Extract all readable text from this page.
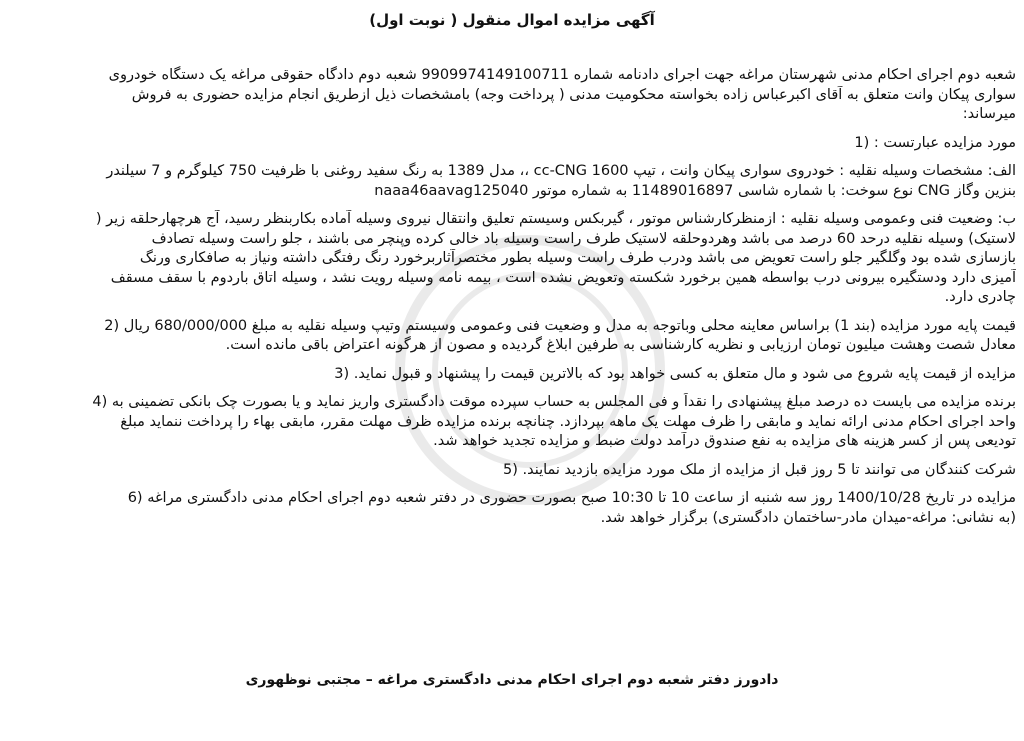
آگهی مزایده اموال منقول ( نوبت اول)
شعبه دوم اجرای احکام مدنی شهرستان مراغه جهت اجرای دادنامه شماره 9909974149100711 شعبه دوم دادگاه حقوقی مراغه یک دستگاه خودروی
سواری پیکان وانت متعلق به آقای اکبرعباس زاده بخواسته محکومیت مدنی ( پرداخت وجه) بامشخصات ذیل ازطریق انجام مزایده حضوری به فروش
میرساند:
مورد مزایده عبارتست : (1
الف: مشخصات وسیله نقلیه : خودروی سواری پیکان وانت ، تیپ 1600 cc-CNG ،، مدل 1389 به رنگ سفید روغنی با ظرفیت 750 کیلوگرم و 7 سیلندر
بنزین وگاز CNG نوع سوخت: با شماره شاسی 11489016897 به شماره موتور naaa46aavag125040
ب: وضعیت فنی وعمومی وسیله نقلیه : ازمنظرکارشناس موتور ، گیربکس وسیستم تعلیق وانتقال نیروی وسیله آماده بکاربنظر رسید، آج هرچهارحلقه زیر (
لاستیک) وسیله نقلیه درحد 60 درصد می باشد وهردوحلقه لاستیک طرف راست وسیله باد خالی کرده وپنچر می باشند ، جلو راست وسیله تصادف
بازسازی شده بود وگلگیر جلو راست تعویض می باشد ودرب طرف راست وسیله بطور مختصرآثاربرخورد رنگ رفتگی داشته ونیاز به صافکاری ورنگ
آمیزی دارد ودستگیره بیرونی درب بواسطه همین برخورد شکسته وتعویض نشده است ، بیمه نامه وسیله رویت نشد ، وسیله اتاق باردوم با سقف مسقف
چادری دارد.
قیمت پایه مورد مزایده (بند 1) براساس معاینه محلی وباتوجه به مدل و وضعیت فنی وعمومی وسیستم وتیپ وسیله نقلیه به مبلغ 680/000/000 ریال (2
معادل شصت وهشت میلیون تومان ارزیابی و نظریه کارشناسی به طرفین ابلاغ گردیده و مصون از هرگونه اعتراض باقی مانده است.
مزایده از قیمت پایه شروع می شود و مال متعلق به کسی خواهد بود که بالاترین قیمت را پیشنهاد و قبول نماید. (3
برنده مزایده می بایست ده درصد مبلغ پیشنهادی را نقداً و فی المجلس به حساب سپرده موقت دادگستری واریز نماید و یا بصورت چک بانکی تضمینی به (4
واحد اجرای احکام مدنی ارائه نماید و مابقی را ظرف مهلت یک ماهه بپردازد. چنانچه برنده مزایده ظرف مهلت مقرر، مابقی بهاء را پرداخت ننماید مبلغ
تودیعی پس از کسر هزینه های مزایده به نفع صندوق درآمد دولت ضبط و مزایده تجدید خواهد شد.
شرکت کنندگان می توانند تا 5 روز قبل از مزایده از ملک مورد مزایده بازدید نمایند. (5
مزایده در تاریخ 1400/10/28 روز سه شنبه از ساعت 10 تا 10:30 صبح بصورت حضوری در دفتر شعبه دوم اجرای احکام مدنی دادگستری مراغه (6
(به نشانی: مراغه-میدان مادر-ساختمان دادگستری) برگزار خواهد شد.
دادورز دفتر شعبه دوم اجرای احکام مدنی دادگستری مراغه – مجتبی نوظهوری
